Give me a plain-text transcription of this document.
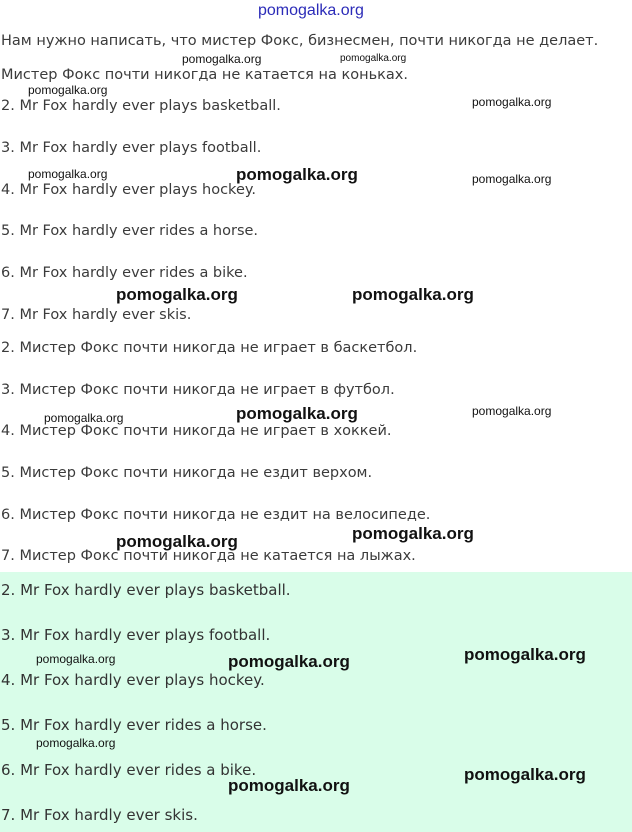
2. Mr Fox hardly ever plays basketball.

3. Mr Fox hardly ever plays football.

4. Mr Fox hardly ever plays hockey.

5. Mr Fox hardly ever rides a horse.

6. Mr Fox hardly ever rides a bike.

7. Mr Fox hardly ever skis.

Нам нужно написать, что мистер Фокс, бизнесмен, почти никогда не делает.

Мистер Фокс почти никогда не катается на коньках.

2. Mr Fox hardly ever plays basketball.

3. Mr Fox hardly ever plays football.

4. Mr Fox hardly ever plays hockey.

5. Mr Fox hardly ever rides a horse.

6. Mr Fox hardly ever rides a bike.

7. Mr Fox hardly ever skis.

2. Мистер Фокс почти никогда не играет в баскетбол.

3. Мистер Фокс почти никогда не играет в футбол.

4. Мистер Фокс почти никогда не играет в хоккей.

5. Мистер Фокс почти никогда не ездит верхом.

6. Мистер Фокс почти никогда не ездит на велосипеде.

7. Мистер Фокс почти никогда не катается на лыжах.

pomogalka.org
pomogalka.org	pomogalka.org
pomogalka.org
pomogalka.org
pomogalka.org	pomogalka.org	pomogalka.org
pomogalka.org	pomogalka.org
pomogalka.org	pomogalka.org	pomogalka.org
pomogalka.org
pomogalka.org
pomogalka.org	pomogalka.org	pomogalka.org
pomogalka.org
pomogalka.org
pomogalka.org
